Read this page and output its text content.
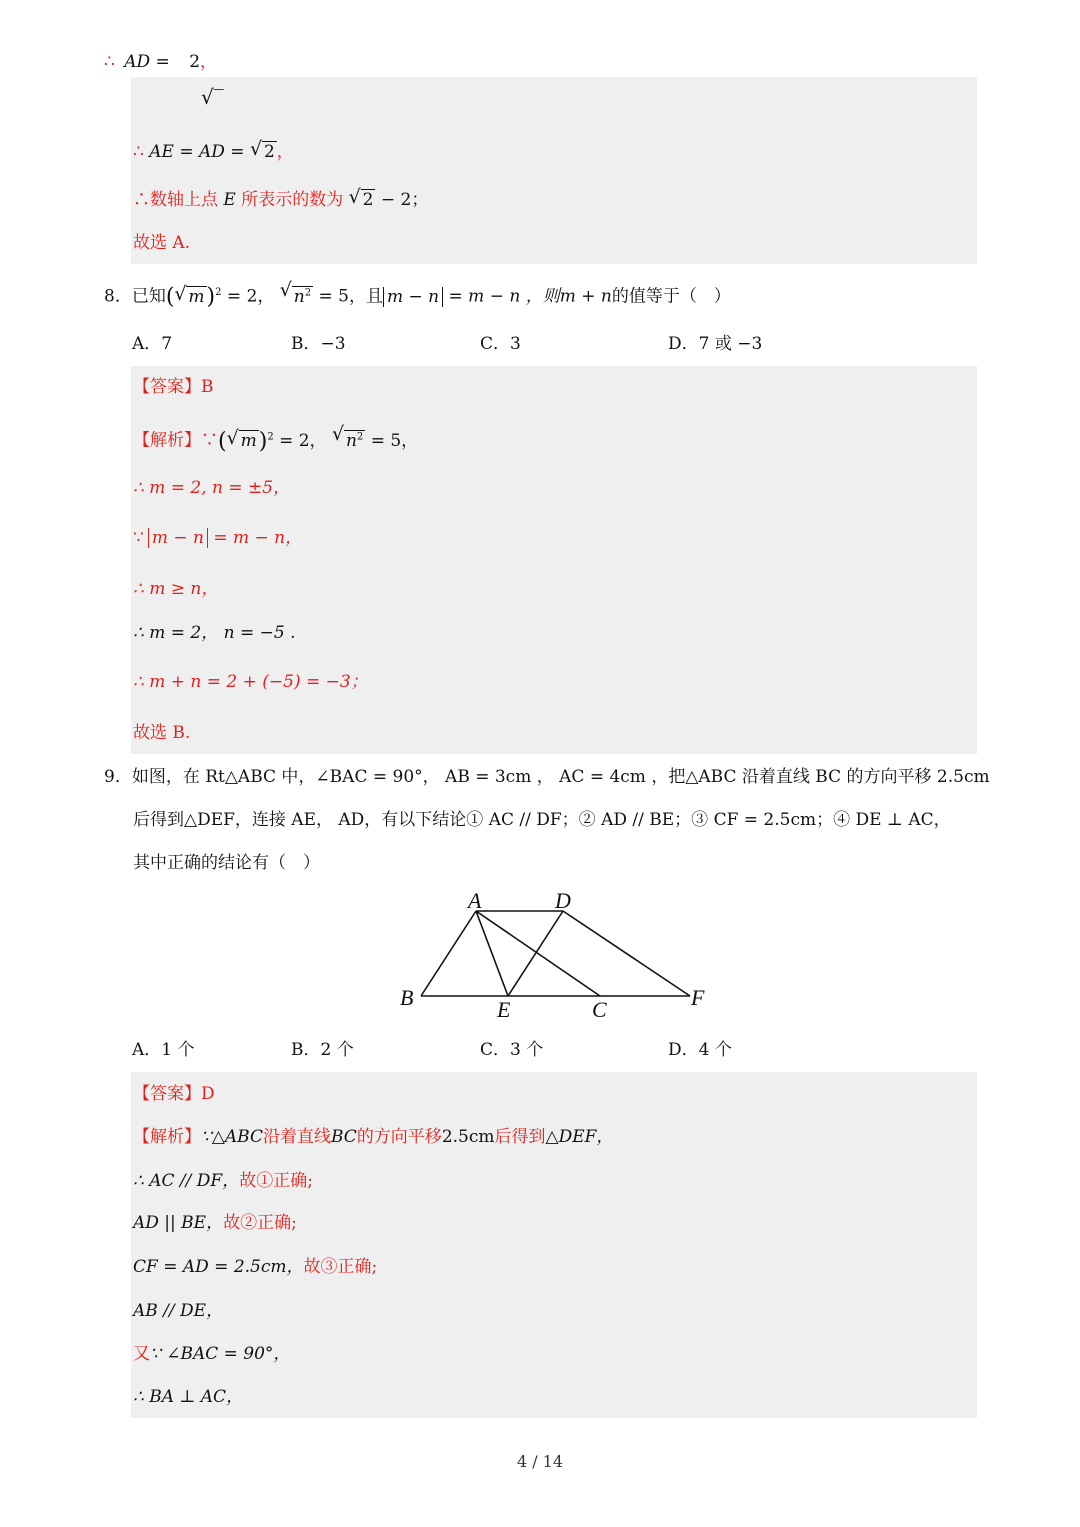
∴ AD = 2，
√‾
∴ AE = AD = √ 2 ，
∴数轴上点 E 所表示的数为 √ 2 − 2；
故选 A.
8．已知( √ m)$^2$ = 2， √ $n^2 = 5$，且 m − n = m − n ，则m + n的值等于（　）
A．7	B．−3	C．3	D．7 或 −3
【答案】B
【解析】∵( √ m)$^2$ = 2， √ $n^2 = 5$，
∴ m = 2, n = ±5，
∵ m − n = m − n，
∴ m ≥ n，
∴ m = 2， n = −5 .
∴ m + n = 2 + (−5) = −3；
故选 B.
9．如图，在 Rt△ABC 中，∠BAC = 90°， AB = 3cm ， AC = 4cm ，把△ABC 沿着直线 BC 的方向平移 2.5cm
后得到△DEF，连接 AE， AD，有以下结论① AC // DF；② AD // BE；③ CF = 2.5cm；④ DE ⊥ AC，
其中正确的结论有（　）
A	D
B	E	C	F
A．1 个	B．2 个	C．3 个	D．4 个
【答案】D
【解析】∵△ABC沿着直线BC的方向平移2.5cm后得到△DEF，
∴ AC // DF，故①正确;
AD || BE，故②正确;
CF = AD = 2.5cm，故③正确;
AB // DE，
又∵ ∠BAC = 90°，
∴ BA ⊥ AC，
4 / 14
